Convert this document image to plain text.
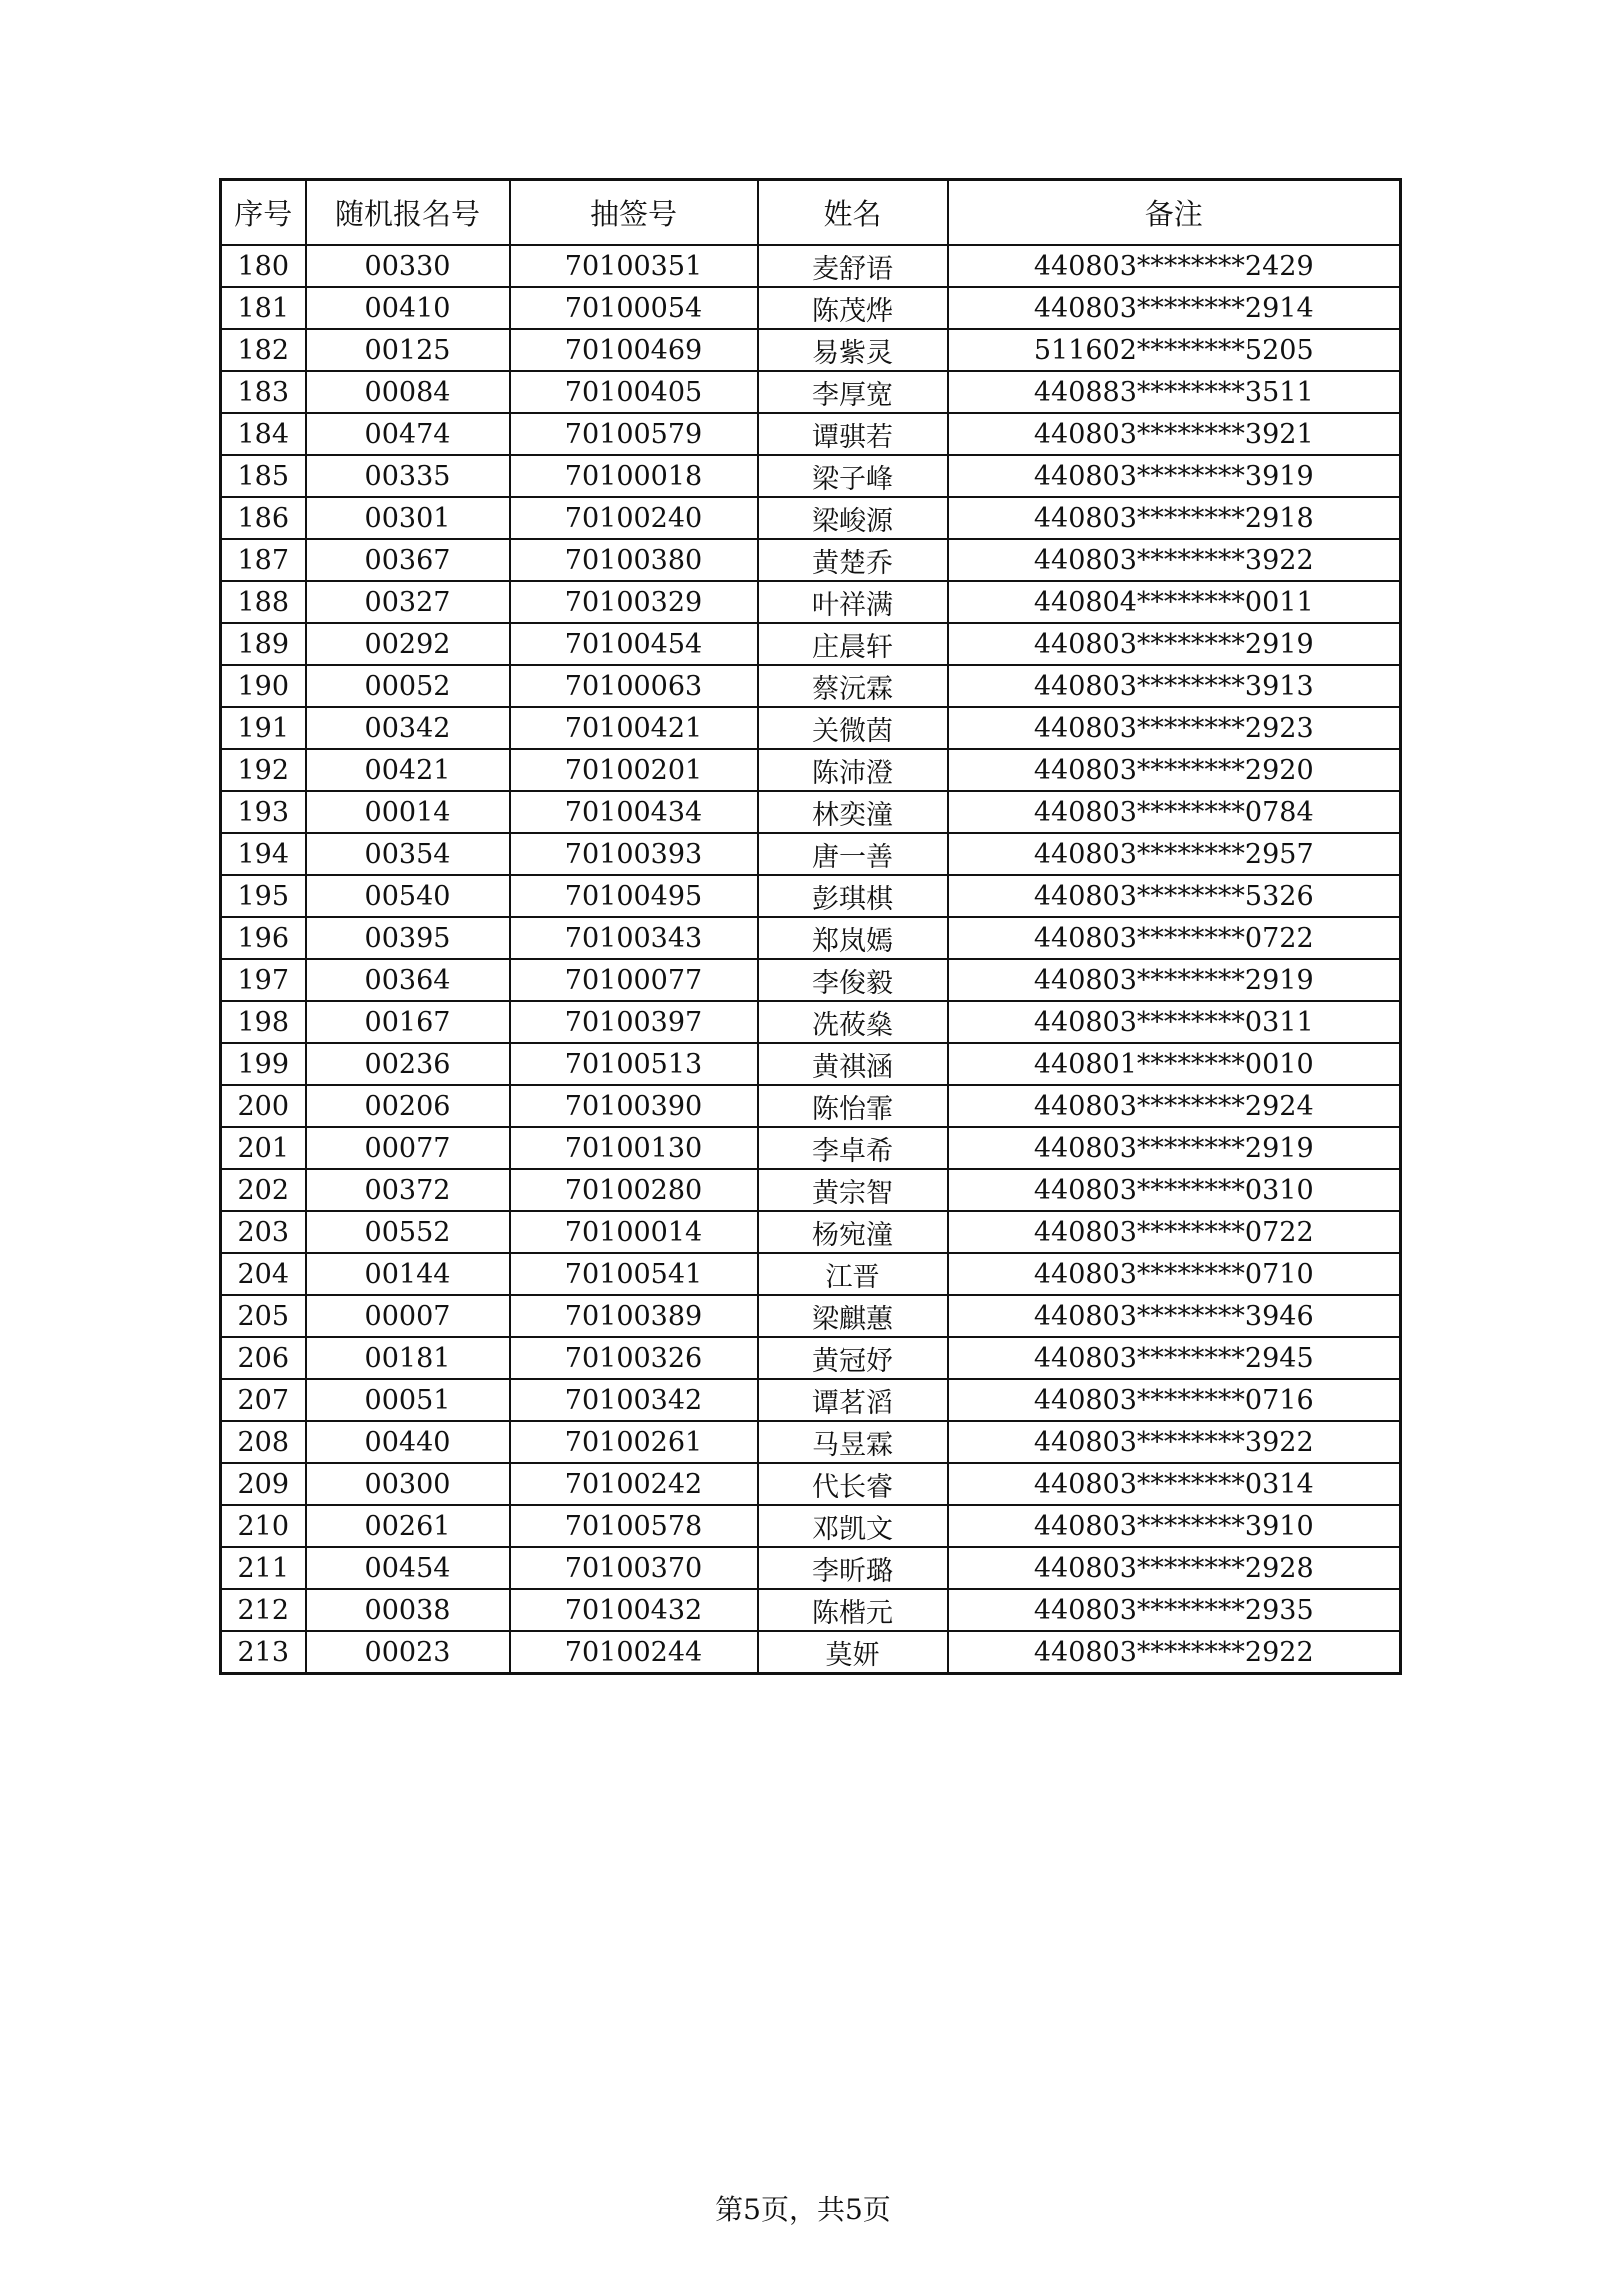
序号	随机报名号	抽签号	姓名	备注
180	00330	70100351	麦舒语	440803********2429
181	00410	70100054	陈茂烨	440803********2914
182	00125	70100469	易紫灵	511602********5205
183	00084	70100405	李厚宽	440883********3511
184	00474	70100579	谭骐若	440803********3921
185	00335	70100018	梁子峰	440803********3919
186	00301	70100240	梁峻源	440803********2918
187	00367	70100380	黄楚乔	440803********3922
188	00327	70100329	叶祥满	440804********0011
189	00292	70100454	庄晨轩	440803********2919
190	00052	70100063	蔡沅霖	440803********3913
191	00342	70100421	关微茵	440803********2923
192	00421	70100201	陈沛澄	440803********2920
193	00014	70100434	林奕潼	440803********0784
194	00354	70100393	唐一善	440803********2957
195	00540	70100495	彭琪棋	440803********5326
196	00395	70100343	郑岚嫣	440803********0722
197	00364	70100077	李俊毅	440803********2919
198	00167	70100397	冼莜燊	440803********0311
199	00236	70100513	黄祺涵	440801********0010
200	00206	70100390	陈怡霏	440803********2924
201	00077	70100130	李卓希	440803********2919
202	00372	70100280	黄宗智	440803********0310
203	00552	70100014	杨宛潼	440803********0722
204	00144	70100541	江晋	440803********0710
205	00007	70100389	梁麒蕙	440803********3946
206	00181	70100326	黄冠妤	440803********2945
207	00051	70100342	谭茗滔	440803********0716
208	00440	70100261	马昱霖	440803********3922
209	00300	70100242	代长睿	440803********0314
210	00261	70100578	邓凯文	440803********3910
211	00454	70100370	李昕璐	440803********2928
212	00038	70100432	陈楷元	440803********2935
213	00023	70100244	莫妍	440803********2922
第5页，共5页
